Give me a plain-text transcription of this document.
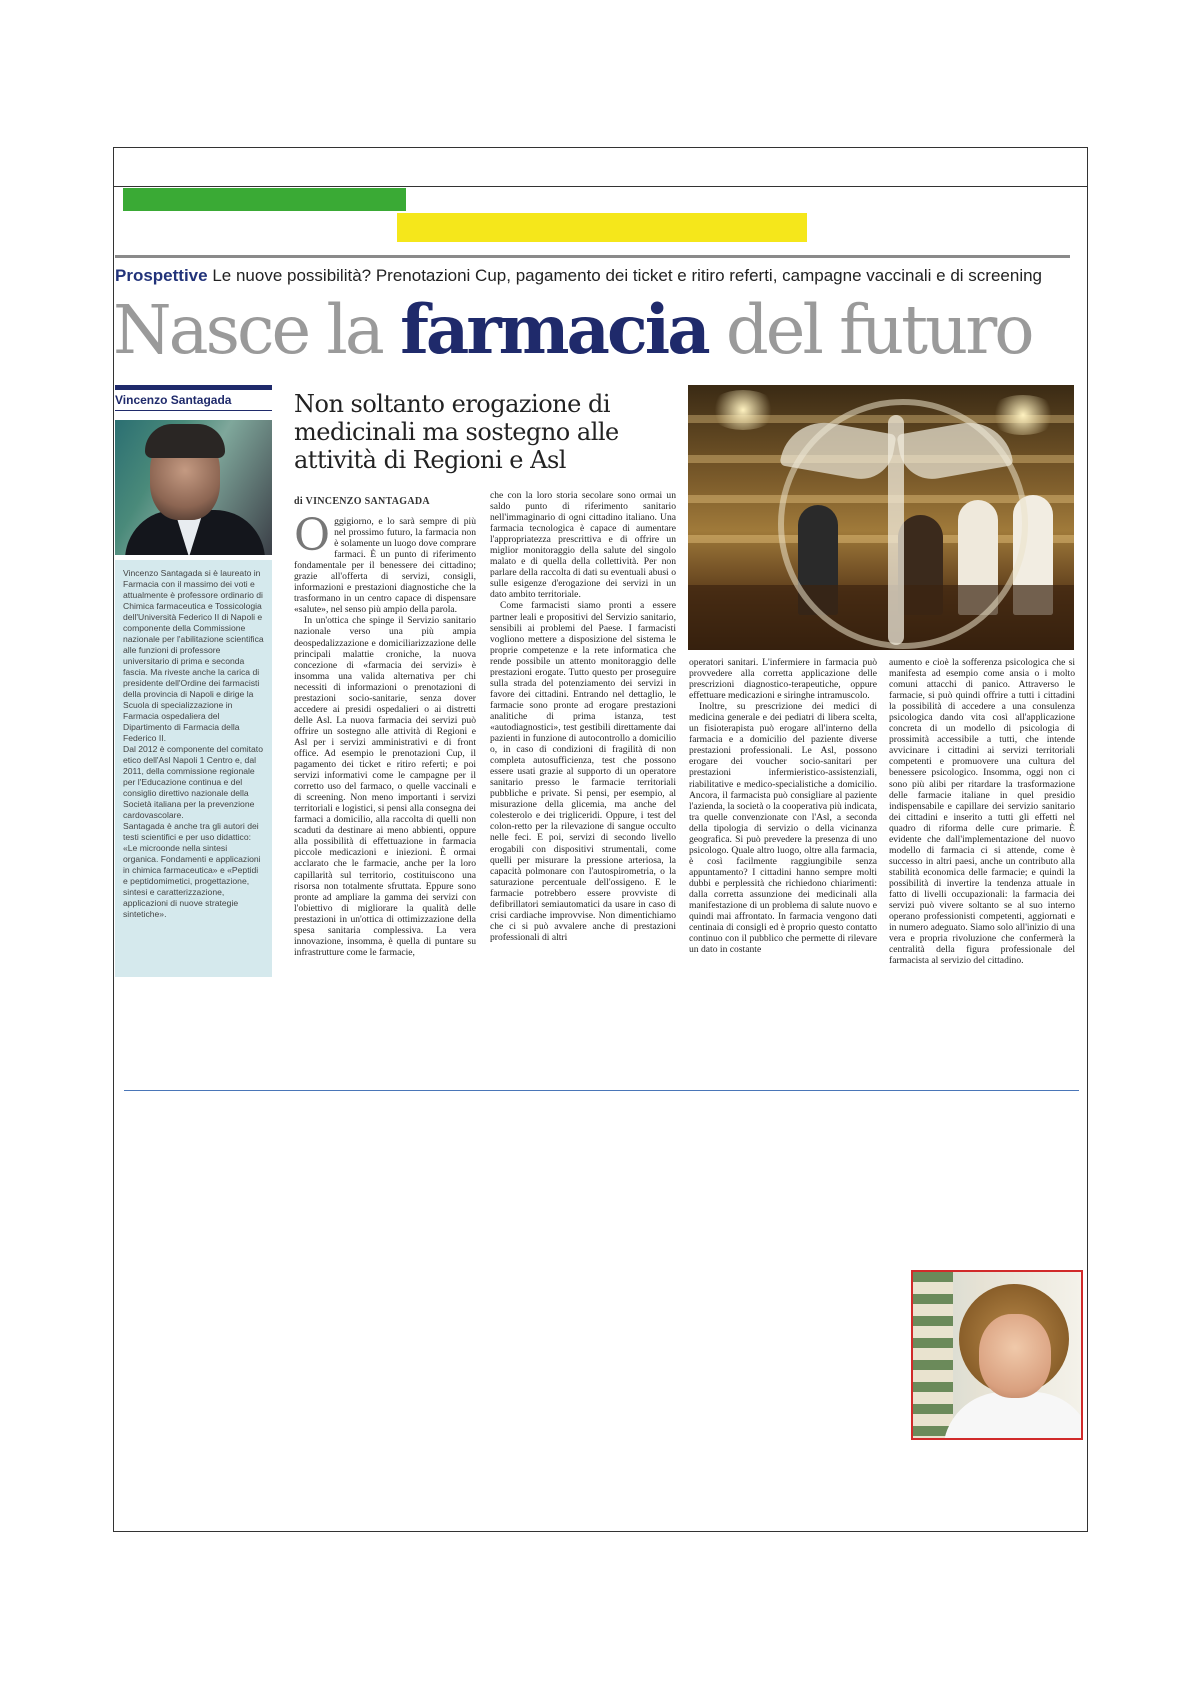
Prospettive Le nuove possibilità? Prenotazioni Cup, pagamento dei ticket e ritiro referti, campagne vaccinali e di screening
Nasce la farmacia del futuro
Vincenzo Santagada

Vincenzo Santagada si è laureato in Farmacia con il massimo dei voti e attualmente è professore ordinario di Chimica farmaceutica e Tossicologia dell'Università Federico II di Napoli e componente della Commissione nazionale per l'abilitazione scientifica alle funzioni di professore universitario di prima e seconda fascia. Ma riveste anche la carica di presidente dell'Ordine dei farmacisti della provincia di Napoli e dirige la Scuola di specializzazione in Farmacia ospedaliera del Dipartimento di Farmacia della Federico II.

Dal 2012 è componente del comitato etico dell'Asl Napoli 1 Centro e, dal 2011, della commissione regionale per l'Educazione continua e del consiglio direttivo nazionale della Società italiana per la prevenzione cardovascolare.

Santagada è anche tra gli autori dei testi scientifici e per uso didattico: «Le microonde nella sintesi organica. Fondamenti e applicazioni in chimica farmaceutica» e «Peptidi e peptidomimetici, progettazione, sintesi e caratterizzazione, applicazioni di nuove strategie sintetiche».

Non soltanto erogazione di medicinali ma sostegno alle attività di Regioni e Asl
di VINCENZO SANTAGADA

Oggigiorno, e lo sarà sempre di più nel prossimo futuro, la farmacia non è solamente un luogo dove comprare farmaci. È un punto di riferimento fondamentale per il benessere dei cittadino; grazie all'offerta di servizi, consigli, informazioni e prestazioni diagnostiche che la trasformano in un centro capace di dispensare «salute», nel senso più ampio della parola.

In un'ottica che spinge il Servizio sanitario nazionale verso una più ampia deospedalizzazione e domiciliarizzazione delle principali malattie croniche, la nuova concezione di «farmacia dei servizi» è insomma una valida alternativa per chi necessiti di informazioni o prenotazioni di prestazioni socio-sanitarie, senza dover accedere ai presidi ospedalieri o ai distretti delle Asl. La nuova farmacia dei servizi può offrire un sostegno alle attività di Regioni e Asl per i servizi amministrativi e di front office. Ad esempio le prenotazioni Cup, il pagamento dei ticket e ritiro referti; e poi servizi informativi come le campagne per il corretto uso del farmaco, o quelle vaccinali e di screening. Non meno importanti i servizi territoriali e logistici, si pensi alla consegna dei farmaci a domicilio, alla raccolta di quelli non scaduti da destinare ai meno abbienti, oppure alla possibilità di effettuazione in farmacia piccole medicazioni e iniezioni. È ormai acclarato che le farmacie, anche per la loro capillarità sul territorio, costituiscono una risorsa non totalmente sfruttata. Eppure sono pronte ad ampliare la gamma dei servizi con l'obiettivo di migliorare la qualità delle prestazioni in un'ottica di ottimizzazione della spesa sanitaria complessiva. La vera innovazione, insomma, è quella di puntare su infrastrutture come le farmacie,

che con la loro storia secolare sono ormai un saldo punto di riferimento sanitario nell'immaginario di ogni cittadino italiano. Una farmacia tecnologica è capace di aumentare l'appropriatezza prescrittiva e di offrire un miglior monitoraggio della salute del singolo malato e di quella della collettività. Per non parlare della raccolta di dati su eventuali abusi o sulle esigenze d'erogazione dei servizi in un dato ambito territoriale.

Come farmacisti siamo pronti a essere partner leali e propositivi del Servizio sanitario, sensibili ai problemi del Paese. I farmacisti vogliono mettere a disposizione del sistema le proprie competenze e la rete informatica che rende possibile un attento monitoraggio delle prestazioni erogate. Tutto questo per proseguire sulla strada del potenziamento dei servizi in favore dei cittadini. Entrando nel dettaglio, le farmacie sono pronte ad erogare prestazioni analitiche di prima istanza, test «autodiagnostici», test gestibili direttamente dai pazienti in funzione di autocontrollo a domicilio o, in caso di condizioni di fragilità di non completa autosufficienza, test che possono essere usati grazie al supporto di un operatore sanitario presso le farmacie territoriali pubbliche e private. Si pensi, per esempio, al misurazione della glicemia, ma anche del colesterolo e dei trigliceridi. Oppure, i test del colon-retto per la rilevazione di sangue occulto nelle feci. E poi, servizi di secondo livello erogabili con dispositivi strumentali, come quelli per misurare la pressione arteriosa, la capacità polmonare con l'autospirometria, o la saturazione percentuale dell'ossigeno. E le farmacie potrebbero essere provviste di defibrillatori semiautomatici da usare in caso di crisi cardiache improvvise. Non dimentichiamo che ci si può avvalere anche di prestazioni professionali di altri

operatori sanitari. L'infermiere in farmacia può provvedere alla corretta applicazione delle prescrizioni diagnostico-terapeutiche, oppure effettuare medicazioni e siringhe intramuscolo.

Inoltre, su prescrizione dei medici di medicina generale e dei pediatri di libera scelta, un fisioterapista può erogare all'interno della farmacia e a domicilio del paziente diverse prestazioni professionali. Le Asl, possono erogare dei voucher socio-sanitari per prestazioni infermieristico-assistenziali, riabilitative e medico-specialistiche a domicilio. Ancora, il farmacista può consigliare al paziente l'azienda, la società o la cooperativa più indicata, tra quelle convenzionate con l'Asl, a seconda della tipologia di servizio o della vicinanza geografica. Si può prevedere la presenza di uno psicologo. Quale altro luogo, oltre alla farmacia, è così facilmente raggiungibile senza appuntamento? I cittadini hanno sempre molti dubbi e perplessità che richiedono chiarimenti: dalla corretta assunzione dei medicinali alla manifestazione di un problema di salute nuovo e quindi mai affrontato. In farmacia vengono dati centinaia di consigli ed è proprio questo contatto continuo con il pubblico che permette di rilevare un dato in costante

aumento e cioè la sofferenza psicologica che si manifesta ad esempio come ansia o i molto comuni attacchi di panico. Attraverso le farmacie, si può quindi offrire a tutti i cittadini la possibilità di accedere a una consulenza psicologica dando vita così all'applicazione concreta di un modello di psicologia di prossimità accessibile a tutti, che intende avvicinare i cittadini ai servizi territoriali competenti e promuovere una cultura del benessere psicologico. Insomma, oggi non ci sono più alibi per ritardare la trasformazione delle farmacie italiane in quel presidio indispensabile e capillare dei servizio sanitario dei cittadini e inserito a tutti gli effetti nel quadro di riforma delle cure primarie. È evidente che dall'implementazione del nuovo modello di farmacia ci si attende, come è successo in altri paesi, anche un contributo alla stabilità economica delle farmacie; e quindi la possibilità di invertire la tendenza attuale in fatto di livelli occupazionali: la farmacia dei servizi può vivere soltanto se al suo interno operano professionisti competenti, aggiornati e in numero adeguato. Siamo solo all'inizio di una vera e propria rivoluzione che confermerà la centralità della figura professionale del farmacista al servizio del cittadino.
